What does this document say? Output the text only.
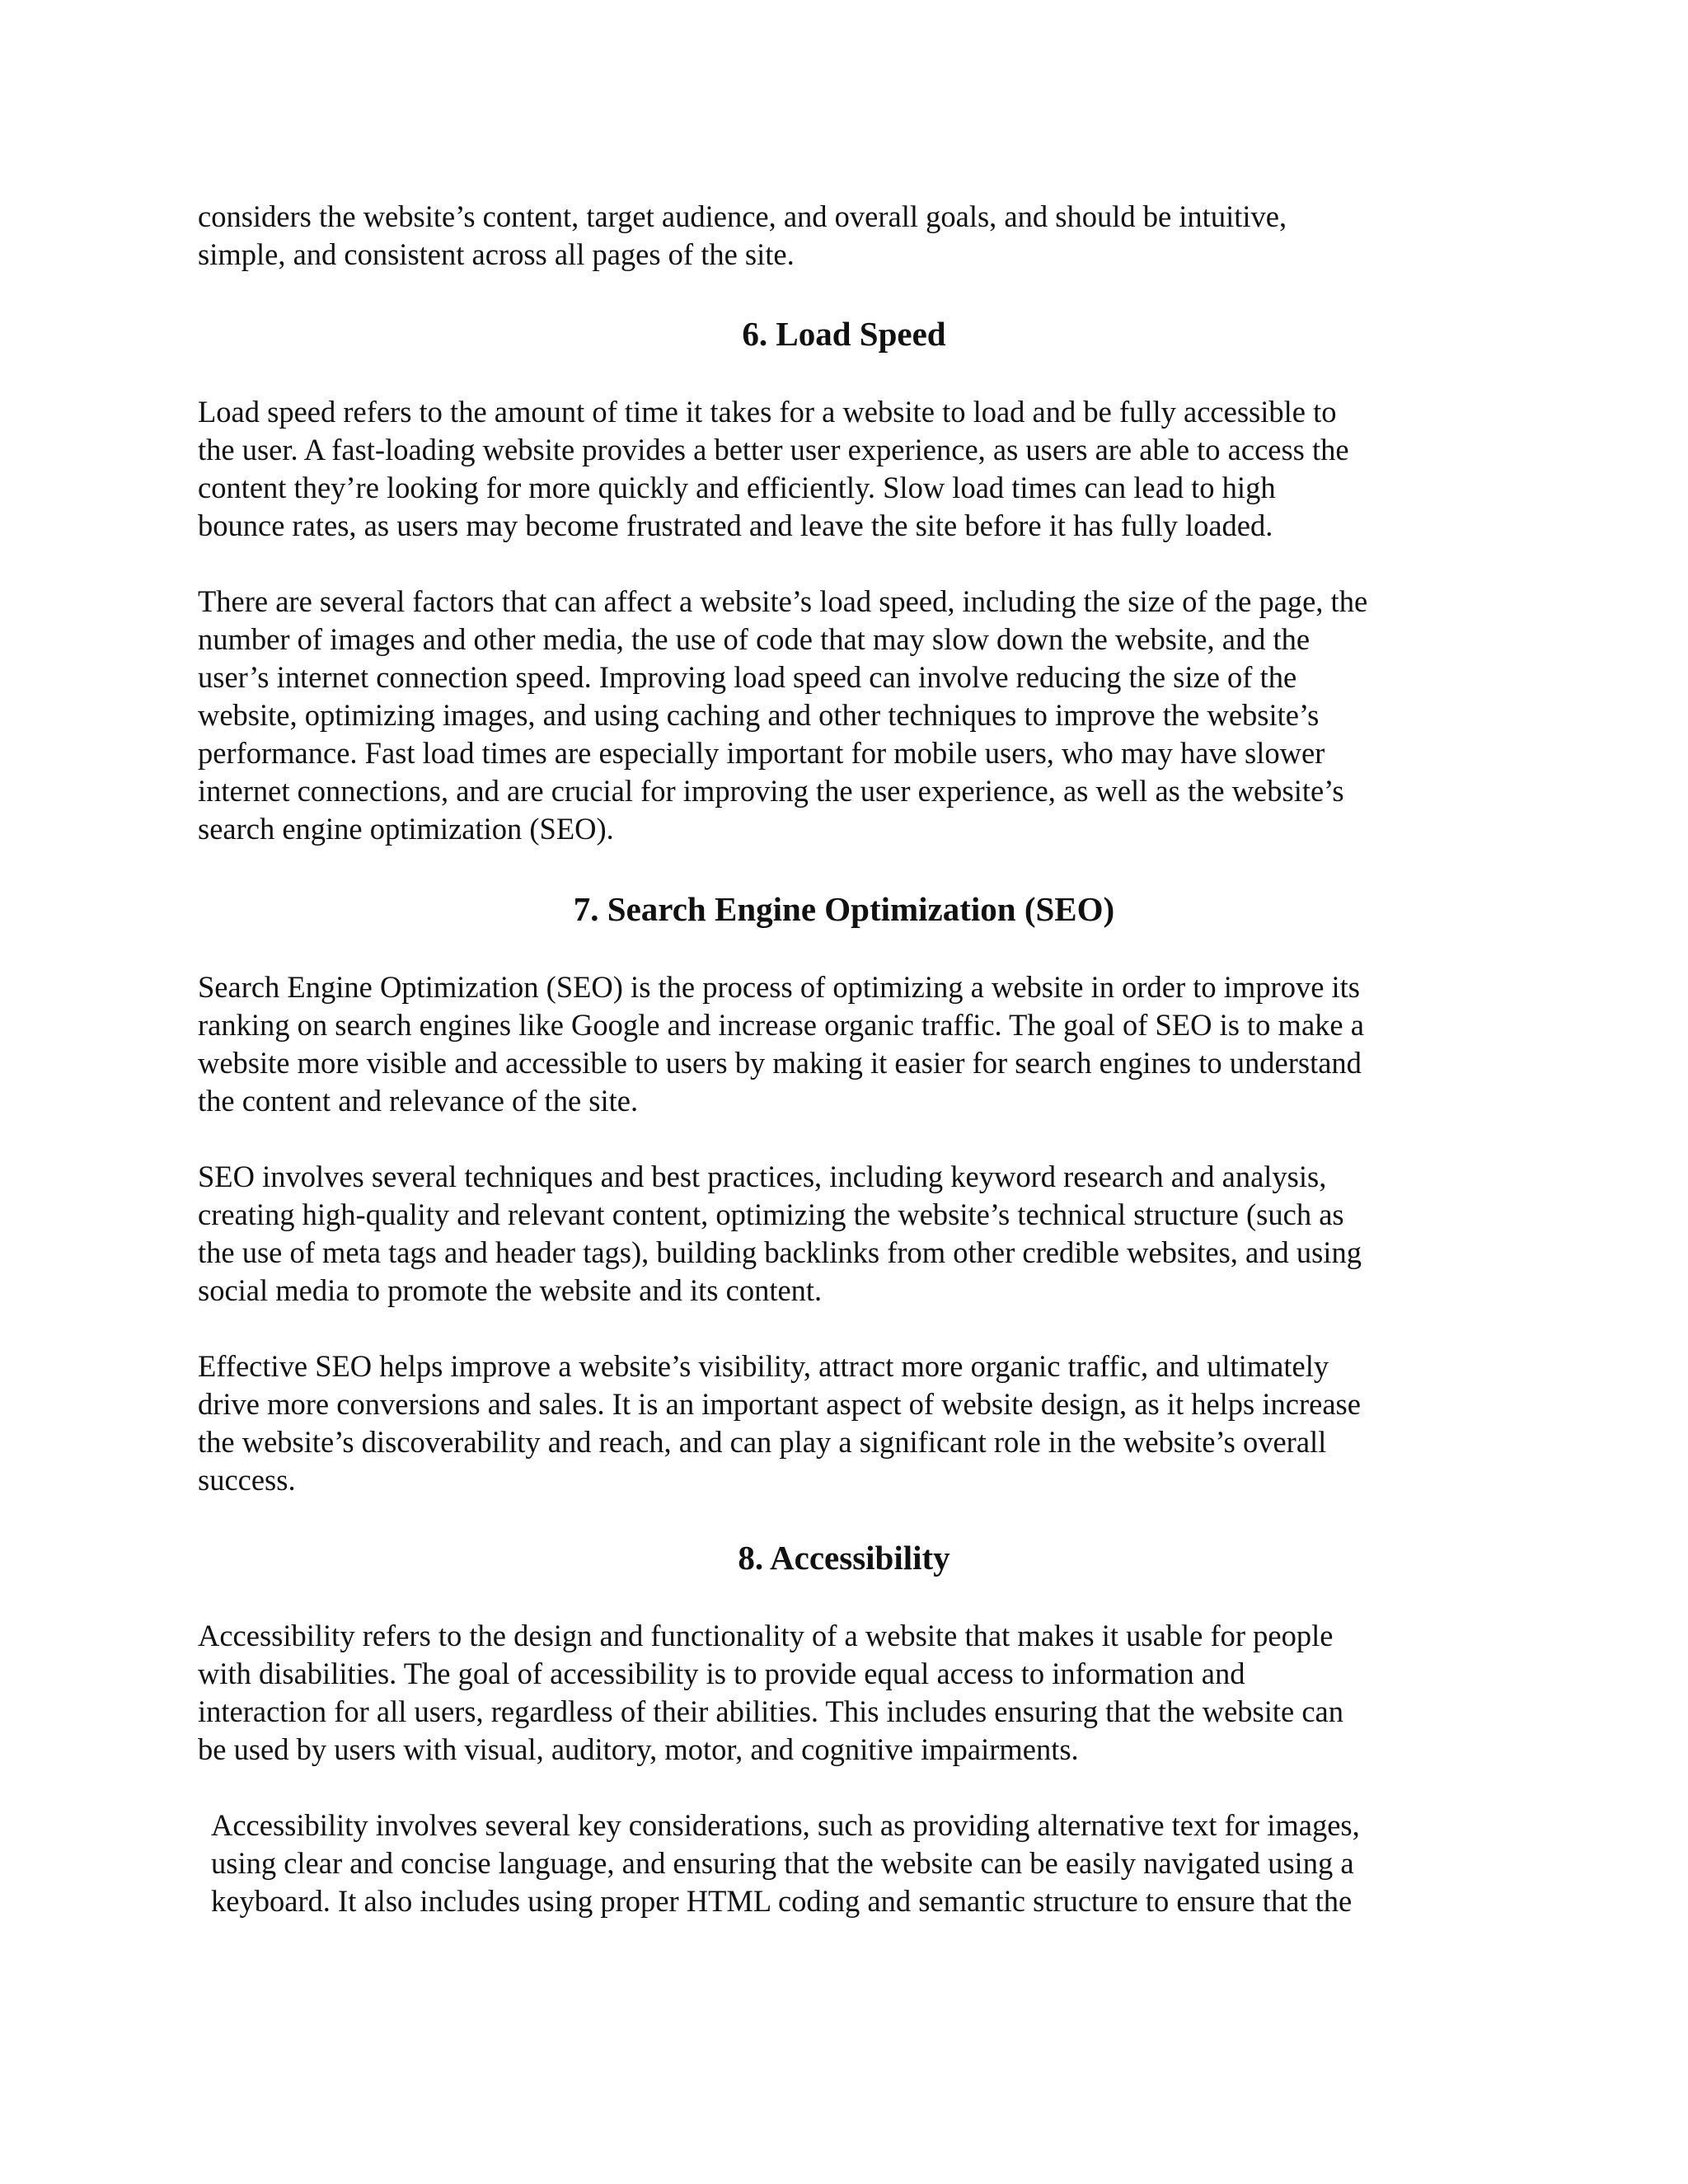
considers the website’s content, target audience, and overall goals, and should be intuitive,
simple, and consistent across all pages of the site.

6. Load Speed

Load speed refers to the amount of time it takes for a website to load and be fully accessible to
the user. A fast-loading website provides a better user experience, as users are able to access the
content they’re looking for more quickly and efficiently. Slow load times can lead to high
bounce rates, as users may become frustrated and leave the site before it has fully loaded.

There are several factors that can affect a website’s load speed, including the size of the page, the
number of images and other media, the use of code that may slow down the website, and the
user’s internet connection speed. Improving load speed can involve reducing the size of the
website, optimizing images, and using caching and other techniques to improve the website’s
performance. Fast load times are especially important for mobile users, who may have slower
internet connections, and are crucial for improving the user experience, as well as the website’s
search engine optimization (SEO).

7. Search Engine Optimization (SEO)

Search Engine Optimization (SEO) is the process of optimizing a website in order to improve its
ranking on search engines like Google and increase organic traffic. The goal of SEO is to make a
website more visible and accessible to users by making it easier for search engines to understand
the content and relevance of the site.

SEO involves several techniques and best practices, including keyword research and analysis,
creating high-quality and relevant content, optimizing the website’s technical structure (such as
the use of meta tags and header tags), building backlinks from other credible websites, and using
social media to promote the website and its content.

Effective SEO helps improve a website’s visibility, attract more organic traffic, and ultimately
drive more conversions and sales. It is an important aspect of website design, as it helps increase
the website’s discoverability and reach, and can play a significant role in the website’s overall
success.

8. Accessibility

Accessibility refers to the design and functionality of a website that makes it usable for people
with disabilities. The goal of accessibility is to provide equal access to information and
interaction for all users, regardless of their abilities. This includes ensuring that the website can
be used by users with visual, auditory, motor, and cognitive impairments.

Accessibility involves several key considerations, such as providing alternative text for images,
using clear and concise language, and ensuring that the website can be easily navigated using a
keyboard. It also includes using proper HTML coding and semantic structure to ensure that the
